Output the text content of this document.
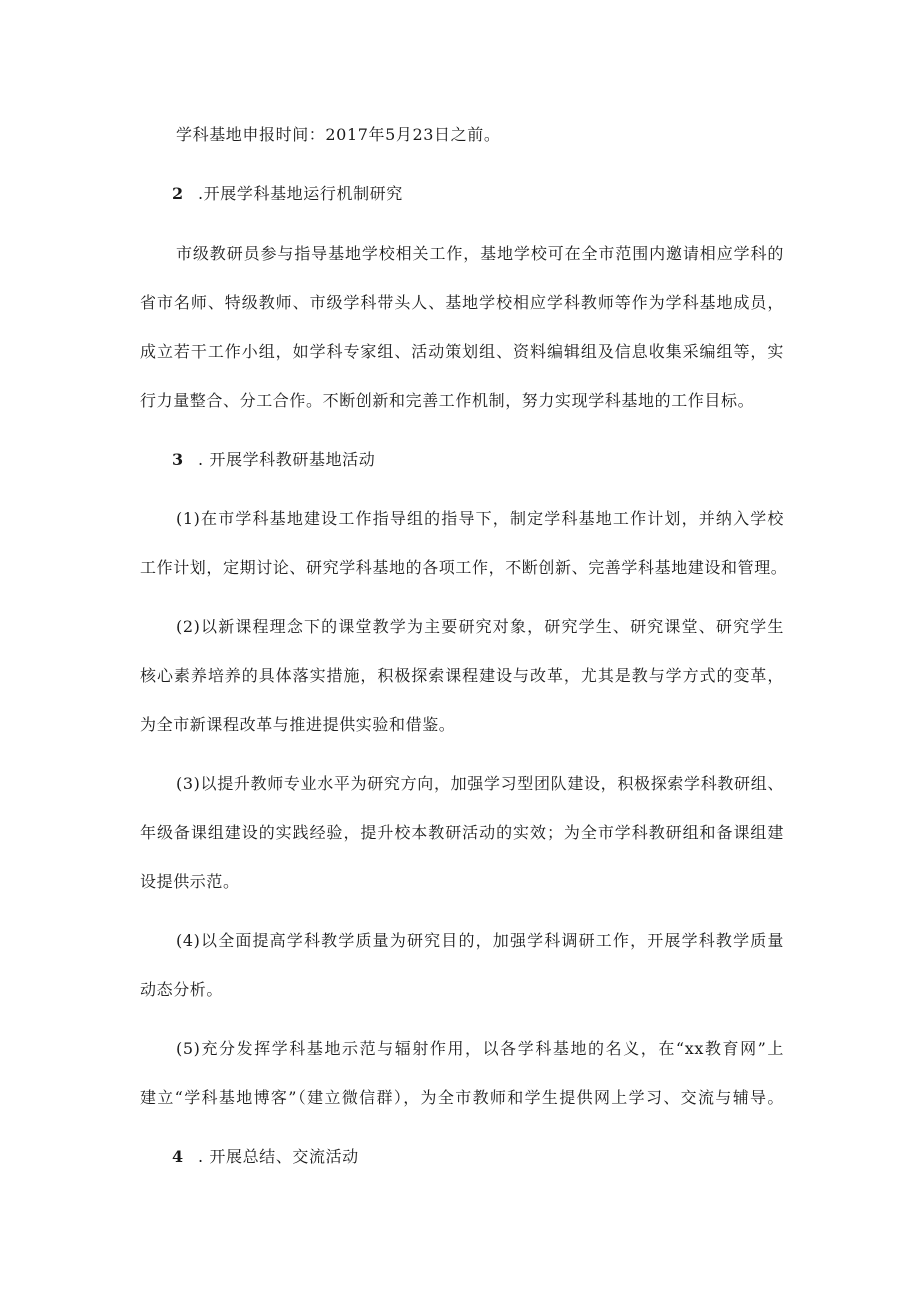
学科基地申报时间：2017年5月23日之前。
2 .开展学科基地运行机制研究
市级教研员参与指导基地学校相关工作，基地学校可在全市范围内邀请相应学科的
省市名师、特级教师、市级学科带头人、基地学校相应学科教师等作为学科基地成员，
成立若干工作小组，如学科专家组、活动策划组、资料编辑组及信息收集采编组等，实
行力量整合、分工合作。不断创新和完善工作机制，努力实现学科基地的工作目标。
3 . 开展学科教研基地活动
(1)在市学科基地建设工作指导组的指导下，制定学科基地工作计划，并纳入学校
工作计划，定期讨论、研究学科基地的各项工作，不断创新、完善学科基地建设和管理。
(2)以新课程理念下的课堂教学为主要研究对象，研究学生、研究课堂、研究学生
核心素养培养的具体落实措施，积极探索课程建设与改革，尤其是教与学方式的变革，
为全市新课程改革与推进提供实验和借鉴。
(3)以提升教师专业水平为研究方向，加强学习型团队建设，积极探索学科教研组、
年级备课组建设的实践经验，提升校本教研活动的实效；为全市学科教研组和备课组建
设提供示范。
(4)以全面提高学科教学质量为研究目的，加强学科调研工作，开展学科教学质量
动态分析。
(5)充分发挥学科基地示范与辐射作用，以各学科基地的名义，在“xx教育网”上
建立“学科基地博客”（建立微信群），为全市教师和学生提供网上学习、交流与辅导。
4 . 开展总结、交流活动
